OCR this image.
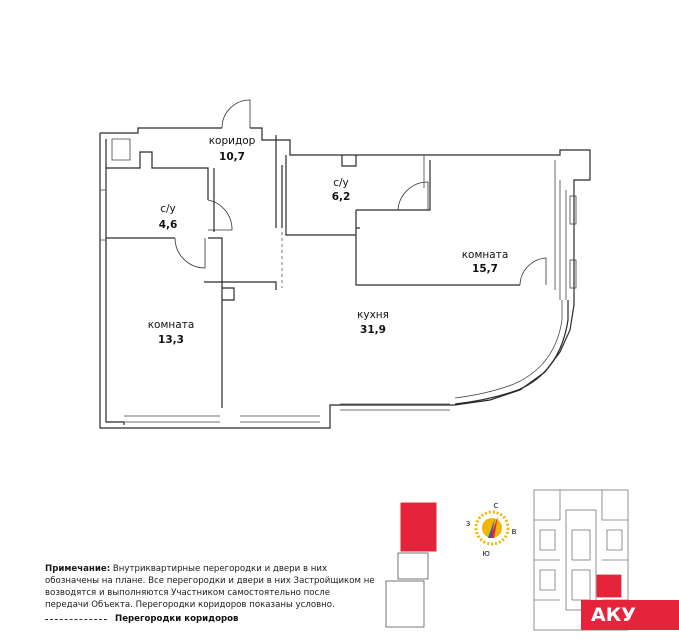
коридор
10,7
с/у
4,6
с/у
6,2
комната
15,7
кухня
31,9
комната
13,3
С
В
Ю
З
Примечание: Внутриквартирные перегородки и двери в них обозначены на плане. Все перегородки и двери в них Застройщиком не возводятся и выполняются Участником самостоятельно после передачи Объекта. Перегородки коридоров показаны условно.
Перегородки коридоров	АКУ
